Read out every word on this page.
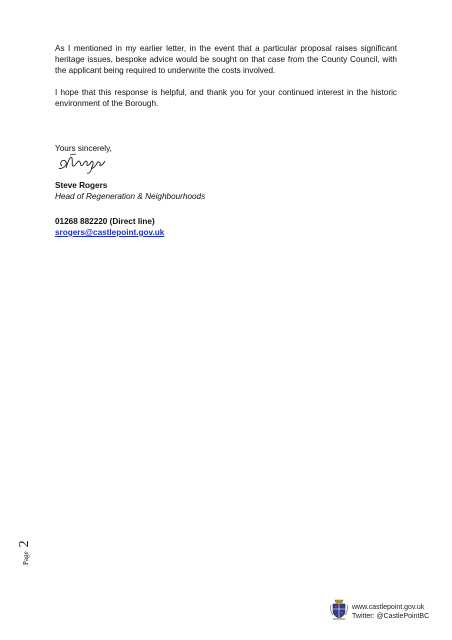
As I mentioned in my earlier letter, in the event that a particular proposal raises significant heritage issues, bespoke advice would be sought on that case from the County Council, with the applicant being required to underwrite the costs involved.

I hope that this response is helpful, and thank you for your continued interest in the historic environment of the Borough.

Yours sincerely,
Steve Rogers
Head of Regeneration & Neighbourhoods
01268 882220 (Direct line)
srogers@castlepoint.gov.uk
Page 2
www.castlepoint.gov.uk
Twitter: @CastlePointBC
